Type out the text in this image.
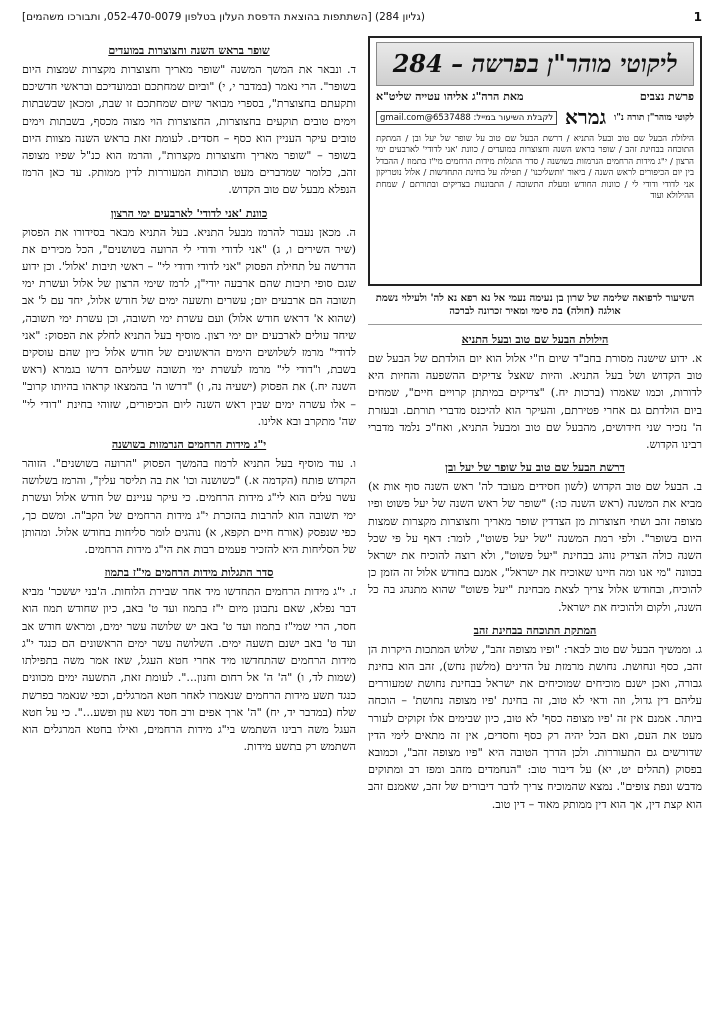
1
(גליון 284) [השתתפות בהוצאת הדפסת העלון בטלפון 052-470-0079, ותבורכו משהמים]
ליקוטי מוהר"ן בפרשה – 284
פרשת נצבים
מאת הרה"ג אליהו עטייה שליט"א
לקוטי מוהר"ן תורה נ"ו
גמרא
לקבלת השיעור במייל: 6537488@gmail.com
הילולת הבעל שם טוב ובעל התניא / דרשת הבעל שם טוב על שופר של יעל ובן / המתקת התוכחה בבחינת זהב / שופר בראש השנה וחצוצרות במועדים / כוונת 'אני לדודי' לארבעים ימי הרצון / י"ג מידות הרחמים הנרמזות בשושנה / סדר התגלות מידות הרחמים מי"ז בתמוז / ההבדל בין יום הכיפורים לראש השנה / ביאור 'ותשליכנו' / תפילה על בחינת התחדשות / אלול נוטריקון אני לדודי ודודי לי / כוונות החודש ומעלת התשובה / התבוננות בצדיקים ובתורתם / שמחת ההילולא ועוד
השיעור לרפואה שלימה של שרון בן נעימה נעמי אל נא רפא נא לה' ולעילוי נשמת אולגה (חולה) בת סימי ומאיר זכרונה לברכה
הילולת הבעל שם טוב ובעל התניא

א. ידוע שישנה מסורת בחב"ד שיום ח"י אלול הוא יום הולדתם של הבעל שם טוב הקדוש ושל בעל התניא. והיות שאצל צדיקים ההשפעה והחיות היא לדורות, וכמו שאמרו (ברכות יח.) "צדיקים במיתתן קרויים חיים", שמחים ביום הולדתם גם אחרי פטירתם, והעיקר הוא להיכנס מדברי תורתם. ובעזרת ה' נזכיר שני חידושים, מהבעל שם טוב ומבעל התניא, ואח"כ נלמד מדברי רבינו הקדוש.

דרשת הבעל שם טוב על שופר של יעל ובן

ב. הבעל שם טוב הקדוש (לשון חסידים מעובד לה' ראש השנה סוף אות א) מביא את המשנה (ראש השנה כו:) "שופר של ראש השנה של יעל פשוט ופיו מצופה זהב ושתי חצוצרות מן הצדדין שופר מאריך וחצוצרות מקצרות שמצות היום בשופר". ולפי רמת המשנה "של יעל פשוט", לומר: דאף על פי שכל השנה כולה הצדיק נוהג בבחינת "יעל פשוט", ולא רוצה להוכיח את ישראל בכוונה "מי אנו ומה חיינו שאוכיח את ישראל", אמנם בחודש אלול זה הזמן כן להוכיח, ובחודש אלול צריך לצאת מבחינת "יעל פשוט" שהוא מתנהג בה כל השנה, ולקום ולהוכיח את ישראל.

המתקת התוכחה בבחינת זהב

ג. וממשיך הבעל שם טוב לבאר: "ופיו מצופה זהב", שלוש המתכות היקרות הן זהב, כסף ונחושת. נחושת מרמזת על הדינים (מלשון נחש), זהב הוא בחינת גבורה, ואכן ישנם מוכיחים שמוכיחים את ישראל בבחינת נחושת שמעוררים עליהם דין גדול, וזה ודאי לא טוב, זה בחינת 'פיו מצופה נחושת' – הוכחה ביותר. אמנם אין זה 'פיו מצופה כסף' לא טוב, כיון שבימים אלו זקוקים לעורר מעט את העם, ואם הכל יהיה רק כסף וחסדים, אין זה מתאים לימי הדין שדורשים גם התעוררות. ולכן הדרך הטובה היא "פיו מצופה זהב", וכמובא בפסוק (תהלים יט, יא) על דיבור טוב: "הנחמדים מזהב ומפז רב ומתוקים מדבש ונפת צופים". נמצא שהמוכיח צריך לדבר דיבורים של זהב, שאמנם זהב הוא קצת דין, אך הוא דין ממותק מאוד – דין טוב.

שופר בראש השנה וחצוצרות במועדים

ד. ונבאר את המשך המשנה "שופר מאריך וחצוצרות מקצרות שמצות היום בשופר". הרי נאמר (במדבר י, י) "וביום שמחתכם ובמועדיכם ובראשי חדשיכם ותקעתם בחצוצרת", בספרי מבואר שיום שמחתכם זו שבת, ומכאן שבשבתות וימים טובים תוקעים בחצוצרות, החצוצרות הוי מצוה מכסף, בשבתות וימים טובים עיקר העניין הוא כסף – חסדים. לעומת זאת בראש השנה מצוות היום בשופר – "שופר מאריך וחצוצרות מקצרות", והרמז הוא כנ"ל שפיו מצופה זהב, כלומר שמדברים מעט תוכחות המעוררות לדין ממותק. עד כאן הרמז הנפלא מבעל שם טוב הקדוש.

כוונת 'אני לדודי' לארבעים ימי הרצון

ה. מכאן נעבור להרמז מבעל התניא. בעל התניא מבאר בסידורו את הפסוק (שיר השירים ו, ג) "אני לדודי ודודי לי הרועה בשושנים", הכל מכירים את הדרשה על תחילת הפסוק "אני לדודי ודודי לי" – ראשי תיבות 'אלול'. וכן ידוע שגם סופי תיבות שהם ארבעה יודי"ן, לרמז שימי הרצון של אלול ועשרת ימי תשובה הם ארבעים יום; עשרים ותשעה ימים של חודש אלול, יחד עם ל' אב (שהוא א' דראש חודש אלול) ועם עשרת ימי תשובה, וכן עשרת ימי תשובה, שיחד עולים לארבעים יום ימי רצון. מוסיף בעל התניא לחלק את הפסוק: "אני לדודי" מרמז לשלושים הימים הראשונים של חודש אלול כיון שהם עוסקים בשבת, ו"דודי לי" מרמז לעשרת ימי תשובה שעליהם דרשו בגמרא (ראש השנה יח.) את הפסוק (ישעיה נה, ו) "דרשו ה' בהמצאו קראהו בהיותו קרוב" – אלו עשרה ימים שבין ראש השנה ליום הכיפורים, שזוהי בחינת "דודי לי" שה' מתקרב ובא אלינו.

י"ג מידות הרחמים הנרמזות בשושנה

ו. עוד מוסיף בעל התניא לרמוז בהמשך הפסוק "הרועה בשושנים". הזוהר הקדוש פותח (הקדמה א.) "כשושנה וכו' את בה תליסר עלין", והרמז בשלושה עשר עלים הוא לי"ג מידות הרחמים. כי עיקר עניינם של חודש אלול ועשרת ימי תשובה הוא להרבות בהזכרת י"ג מידות הרחמים של הקב"ה. ומשם כך, כפי שנפסק (אורח חיים תקפא, א) נוהגים לומר סליחות בחודש אלול. ומהותן של הסליחות היא להזכיר פעמים רבות את הי"ג מידות הרחמים.

סדר התגלות מידות הרחמים מי"ז בתמוז

ז. י"ג מידות הרחמים התחדשו מיד אחר שבירת הלוחות. ה'בני יששכר' מביא דבר נפלא, שאם נתבונן מיום י"ז בתמוז ועד ט' באב, כיון שחודש תמוז הוא חסר, הרי שמי"ז בתמוז ועד ט' באב יש שלושה עשר ימים, ומראש חודש אב ועד ט' באב ישנם תשעה ימים. השלושה עשר ימים הראשונים הם כנגד י"ג מידות הרחמים שהתחדשו מיד אחרי חטא העגל, שאז אמר משה בתפילתו (שמות לד, ו) "ה' ה' אל רחום וחנון...". לעומת זאת, התשעה ימים מכוונים כנגד תשע מידות הרחמים שנאמרו לאחר חטא המרגלים, וכפי שנאמר בפרשת שלח (במדבר יד, יח) "ה' ארך אפים ורב חסד נשא עון ופשע...". כי על חטא העגל משה רבינו השתמש בי"ג מידות הרחמים, ואילו בחטא המרגלים הוא השתמש רק בתשע מידות.
